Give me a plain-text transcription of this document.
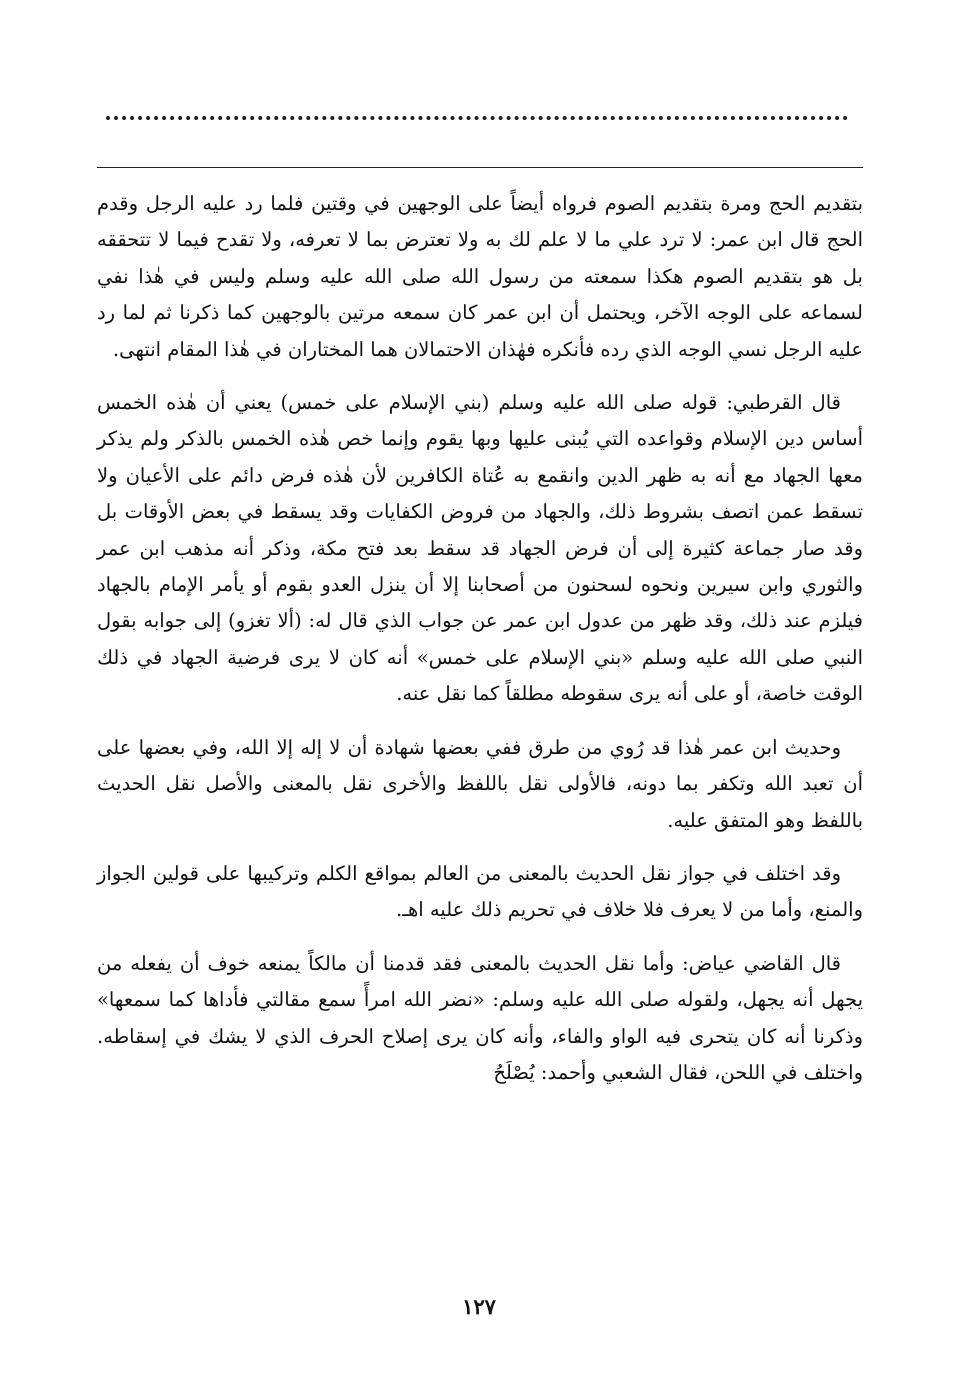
بتقديم الحج ومرة بتقديم الصوم فرواه أيضاً على الوجهين في وقتين فلما رد عليه الرجل وقدم الحج قال ابن عمر: لا ترد علي ما لا علم لك به ولا تعترض بما لا تعرفه، ولا تقدح فيما لا تتحققه بل هو بتقديم الصوم هكذا سمعته من رسول الله صلى الله عليه وسلم وليس في هٰذا نفي لسماعه على الوجه الآخر، ويحتمل أن ابن عمر كان سمعه مرتين بالوجهين كما ذكرنا ثم لما رد عليه الرجل نسي الوجه الذي رده فأنكره فهٰذان الاحتمالان هما المختاران في هٰذا المقام انتهى.

قال القرطبي: قوله صلى الله عليه وسلم (بني الإسلام على خمس) يعني أن هٰذه الخمس أساس دين الإسلام وقواعده التي يُبنى عليها وبها يقوم وإنما خص هٰذه الخمس بالذكر ولم يذكر معها الجهاد مع أنه به ظهر الدين وانقمع به عُتاة الكافرين لأن هٰذه فرض دائم على الأعيان ولا تسقط عمن اتصف بشروط ذلك، والجهاد من فروض الكفايات وقد يسقط في بعض الأوقات بل وقد صار جماعة كثيرة إلى أن فرض الجهاد قد سقط بعد فتح مكة، وذكر أنه مذهب ابن عمر والثوري وابن سيرين ونحوه لسحنون من أصحابنا إلا أن ينزل العدو بقوم أو يأمر الإمام بالجهاد فيلزم عند ذلك، وقد ظهر من عدول ابن عمر عن جواب الذي قال له: (ألا تغزو) إلى جوابه بقول النبي صلى الله عليه وسلم «بني الإسلام على خمس» أنه كان لا يرى فرضية الجهاد في ذلك الوقت خاصة، أو على أنه يرى سقوطه مطلقاً كما نقل عنه.

وحديث ابن عمر هٰذا قد رُوي من طرق ففي بعضها شهادة أن لا إله إلا الله، وفي بعضها على أن تعبد الله وتكفر بما دونه، فالأولى نقل باللفظ والأخرى نقل بالمعنى والأصل نقل الحديث باللفظ وهو المتفق عليه.

وقد اختلف في جواز نقل الحديث بالمعنى من العالم بمواقع الكلم وتركيبها على قولين الجواز والمنع، وأما من لا يعرف فلا خلاف في تحريم ذلك عليه اهـ.

قال القاضي عياض: وأما نقل الحديث بالمعنى فقد قدمنا أن مالكاً يمنعه خوف أن يفعله من يجهل أنه يجهل، ولقوله صلى الله عليه وسلم: «نضر الله امرأً سمع مقالتي فأداها كما سمعها» وذكرنا أنه كان يتحرى فيه الواو والفاء، وأنه كان يرى إصلاح الحرف الذي لا يشك في إسقاطه. واختلف في اللحن، فقال الشعبي وأحمد: يُصْلَحُ

١٢٧
